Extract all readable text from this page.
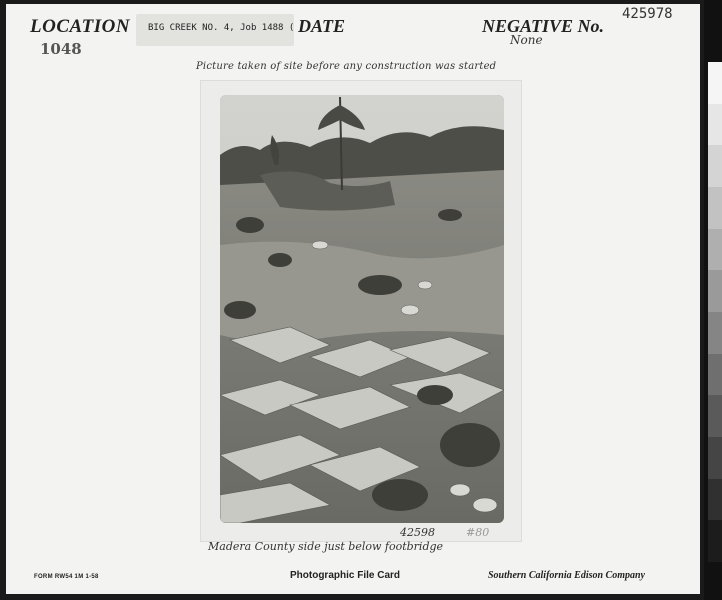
LOCATION
1048
BIG CREEK NO. 4, Job 1488 ( DATE	NEGATIVE No.
425978
None
Picture taken of site before any construction was started
42598	#80
Madera County side just below footbridge
FORM RW54 1M 1-58	Photographic File Card	Southern California Edison Company
